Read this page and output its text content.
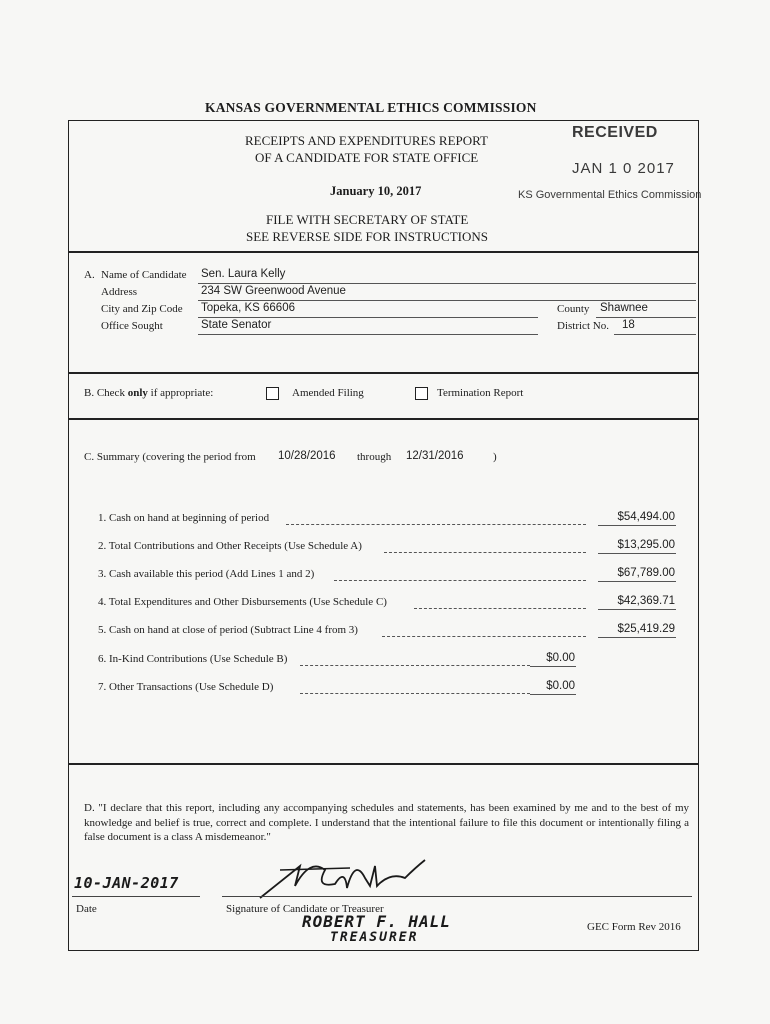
KANSAS GOVERNMENTAL ETHICS COMMISSION
RECEIPTS AND EXPENDITURES REPORT
OF A CANDIDATE FOR STATE OFFICE
January 10, 2017
FILE WITH SECRETARY OF STATE
SEE REVERSE SIDE FOR INSTRUCTIONS
RECEIVED
JAN 1 0 2017
KS Governmental Ethics Commission
A. Name of Candidate Sen. Laura Kelly
Address	234 SW Greenwood Avenue
City and Zip Code Topeka, KS 66606	County Shawnee
Office Sought	State Senator	District No. 18
B. Check only if appropriate:	Amended Filing	Termination Report
C. Summary (covering the period from 10/28/2016 through 12/31/2016	)
1. Cash on hand at beginning of period	$54,494.00
2. Total Contributions and Other Receipts (Use Schedule A)	$13,295.00
3. Cash available this period (Add Lines 1 and 2)	$67,789.00
4. Total Expenditures and Other Disbursements (Use Schedule C)	$42,369.71
5. Cash on hand at close of period (Subtract Line 4 from 3)	$25,419.29
6. In-Kind Contributions (Use Schedule B)	$0.00
7. Other Transactions (Use Schedule D)	$0.00
D. "I declare that this report, including any accompanying schedules and statements, has been examined by me and to the best of my knowledge and belief is true, correct and complete. I understand that the intentional failure to file this document or intentionally filing a false document is a class A misdemeanor."
10-JAN-2017
Date	Signature of Candidate or Treasurer
ROBERT F. HALL
TREASURER
GEC Form Rev 2016
